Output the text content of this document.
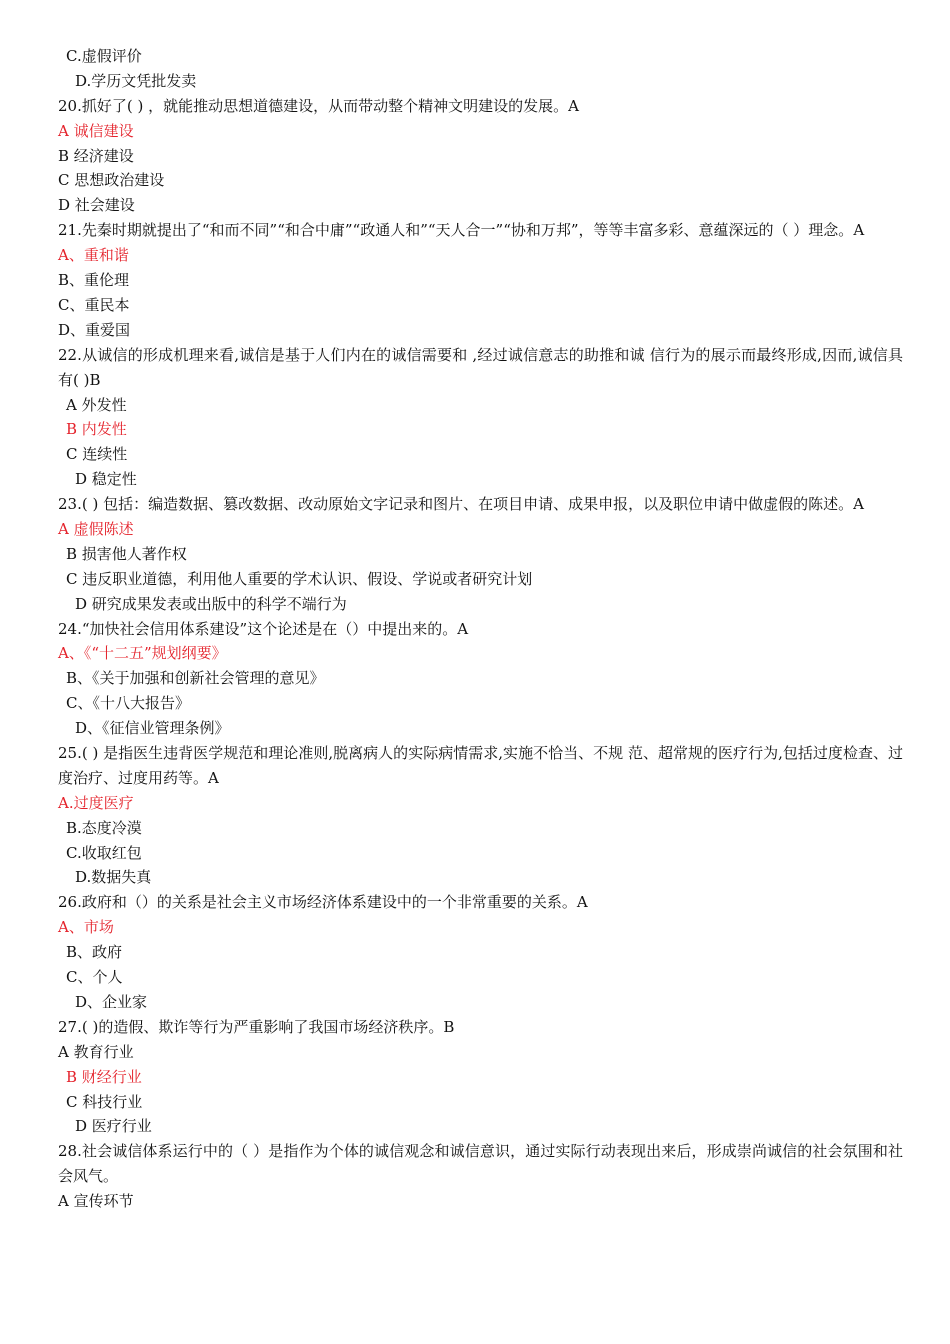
C.虚假评价
D.学历文凭批发卖
20.抓好了( ) ，就能推动思想道德建设，从而带动整个精神文明建设的发展。A
A 诚信建设
B 经济建设
C 思想政治建设
D 社会建设
21.先秦时期就提出了“和而不同”“和合中庸”“政通人和”“天人合一”“协和万邦”，等等丰富多彩、意蕴深远的（ ）理念。A
A、重和谐
B、重伦理
C、重民本
D、重爱国
22.从诚信的形成机理来看,诚信是基于人们内在的诚信需要和 ,经过诚信意志的助推和诚 信行为的展示而最终形成,因而,诚信具有( )B
A 外发性
B 内发性
C 连续性
D 稳定性
23.( ) 包括：编造数据、篡改数据、改动原始文字记录和图片、在项目申请、成果申报，以及职位申请中做虚假的陈述。A
A 虚假陈述
B 损害他人著作权
C 违反职业道德，利用他人重要的学术认识、假设、学说或者研究计划
D 研究成果发表或出版中的科学不端行为
24.“加快社会信用体系建设”这个论述是在（）中提出来的。A
A、《“十二五”规划纲要》
B、《关于加强和创新社会管理的意见》
C、《十八大报告》
D、《征信业管理条例》
25.( ) 是指医生违背医学规范和理论准则,脱离病人的实际病情需求,实施不恰当、不规 范、超常规的医疗行为,包括过度检查、过度治疗、过度用药等。A
A.过度医疗
B.态度冷漠
C.收取红包
D.数据失真
26.政府和（）的关系是社会主义市场经济体系建设中的一个非常重要的关系。A
A、市场
B、政府
C、个人
D、企业家
27.( )的造假、欺诈等行为严重影响了我国市场经济秩序。B
A 教育行业
B 财经行业
C 科技行业
D 医疗行业
28.社会诚信体系运行中的（ ）是指作为个体的诚信观念和诚信意识，通过实际行动表现出来后，形成崇尚诚信的社会氛围和社会风气。
A 宣传环节
